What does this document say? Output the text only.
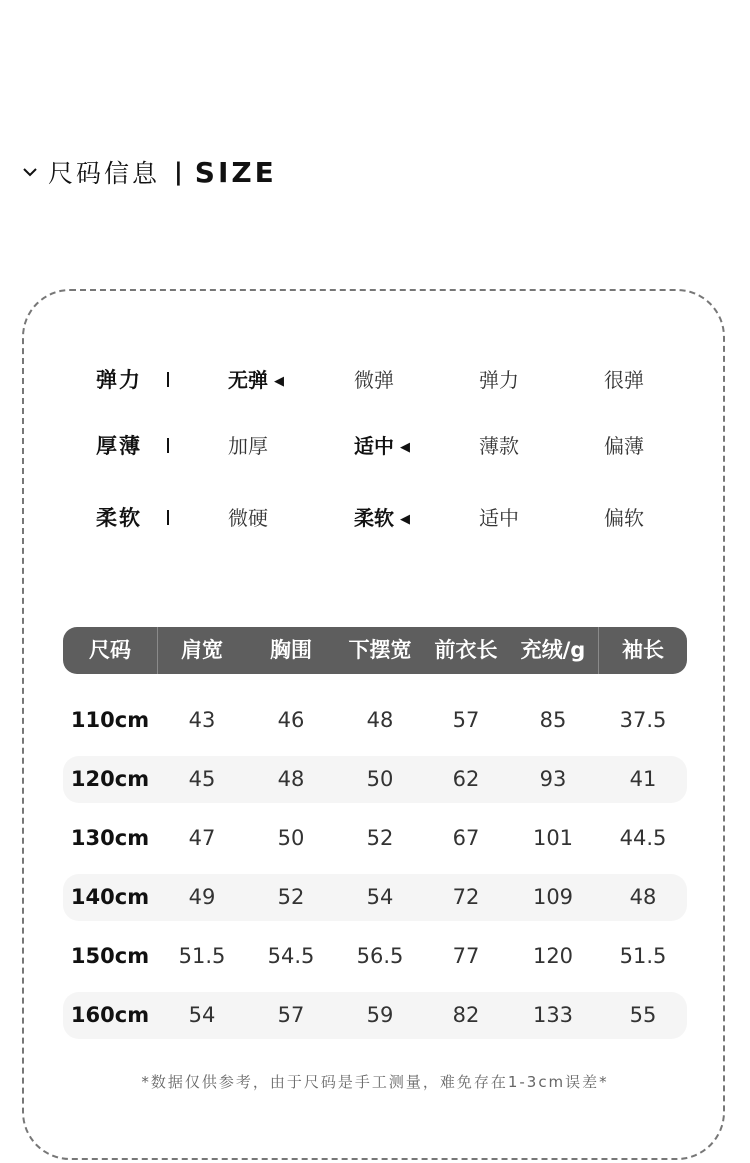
尺码信息 | SIZE
弹力	无弹 ◀	微弹	弹力	很弹
厚薄	加厚	适中 ◀	薄款	偏薄
柔软	微硬	柔软 ◀	适中	偏软
尺码	肩宽	胸围	下摆宽	前衣长	充绒/g	袖长
110cm	43	46	48	57	85	37.5
120cm	45	48	50	62	93	41
130cm	47	50	52	67	101	44.5
140cm	49	52	54	72	109	48
150cm	51.5	54.5	56.5	77	120	51.5
160cm	54	57	59	82	133	55
*数据仅供参考，由于尺码是手工测量，难免存在1-3cm误差*
